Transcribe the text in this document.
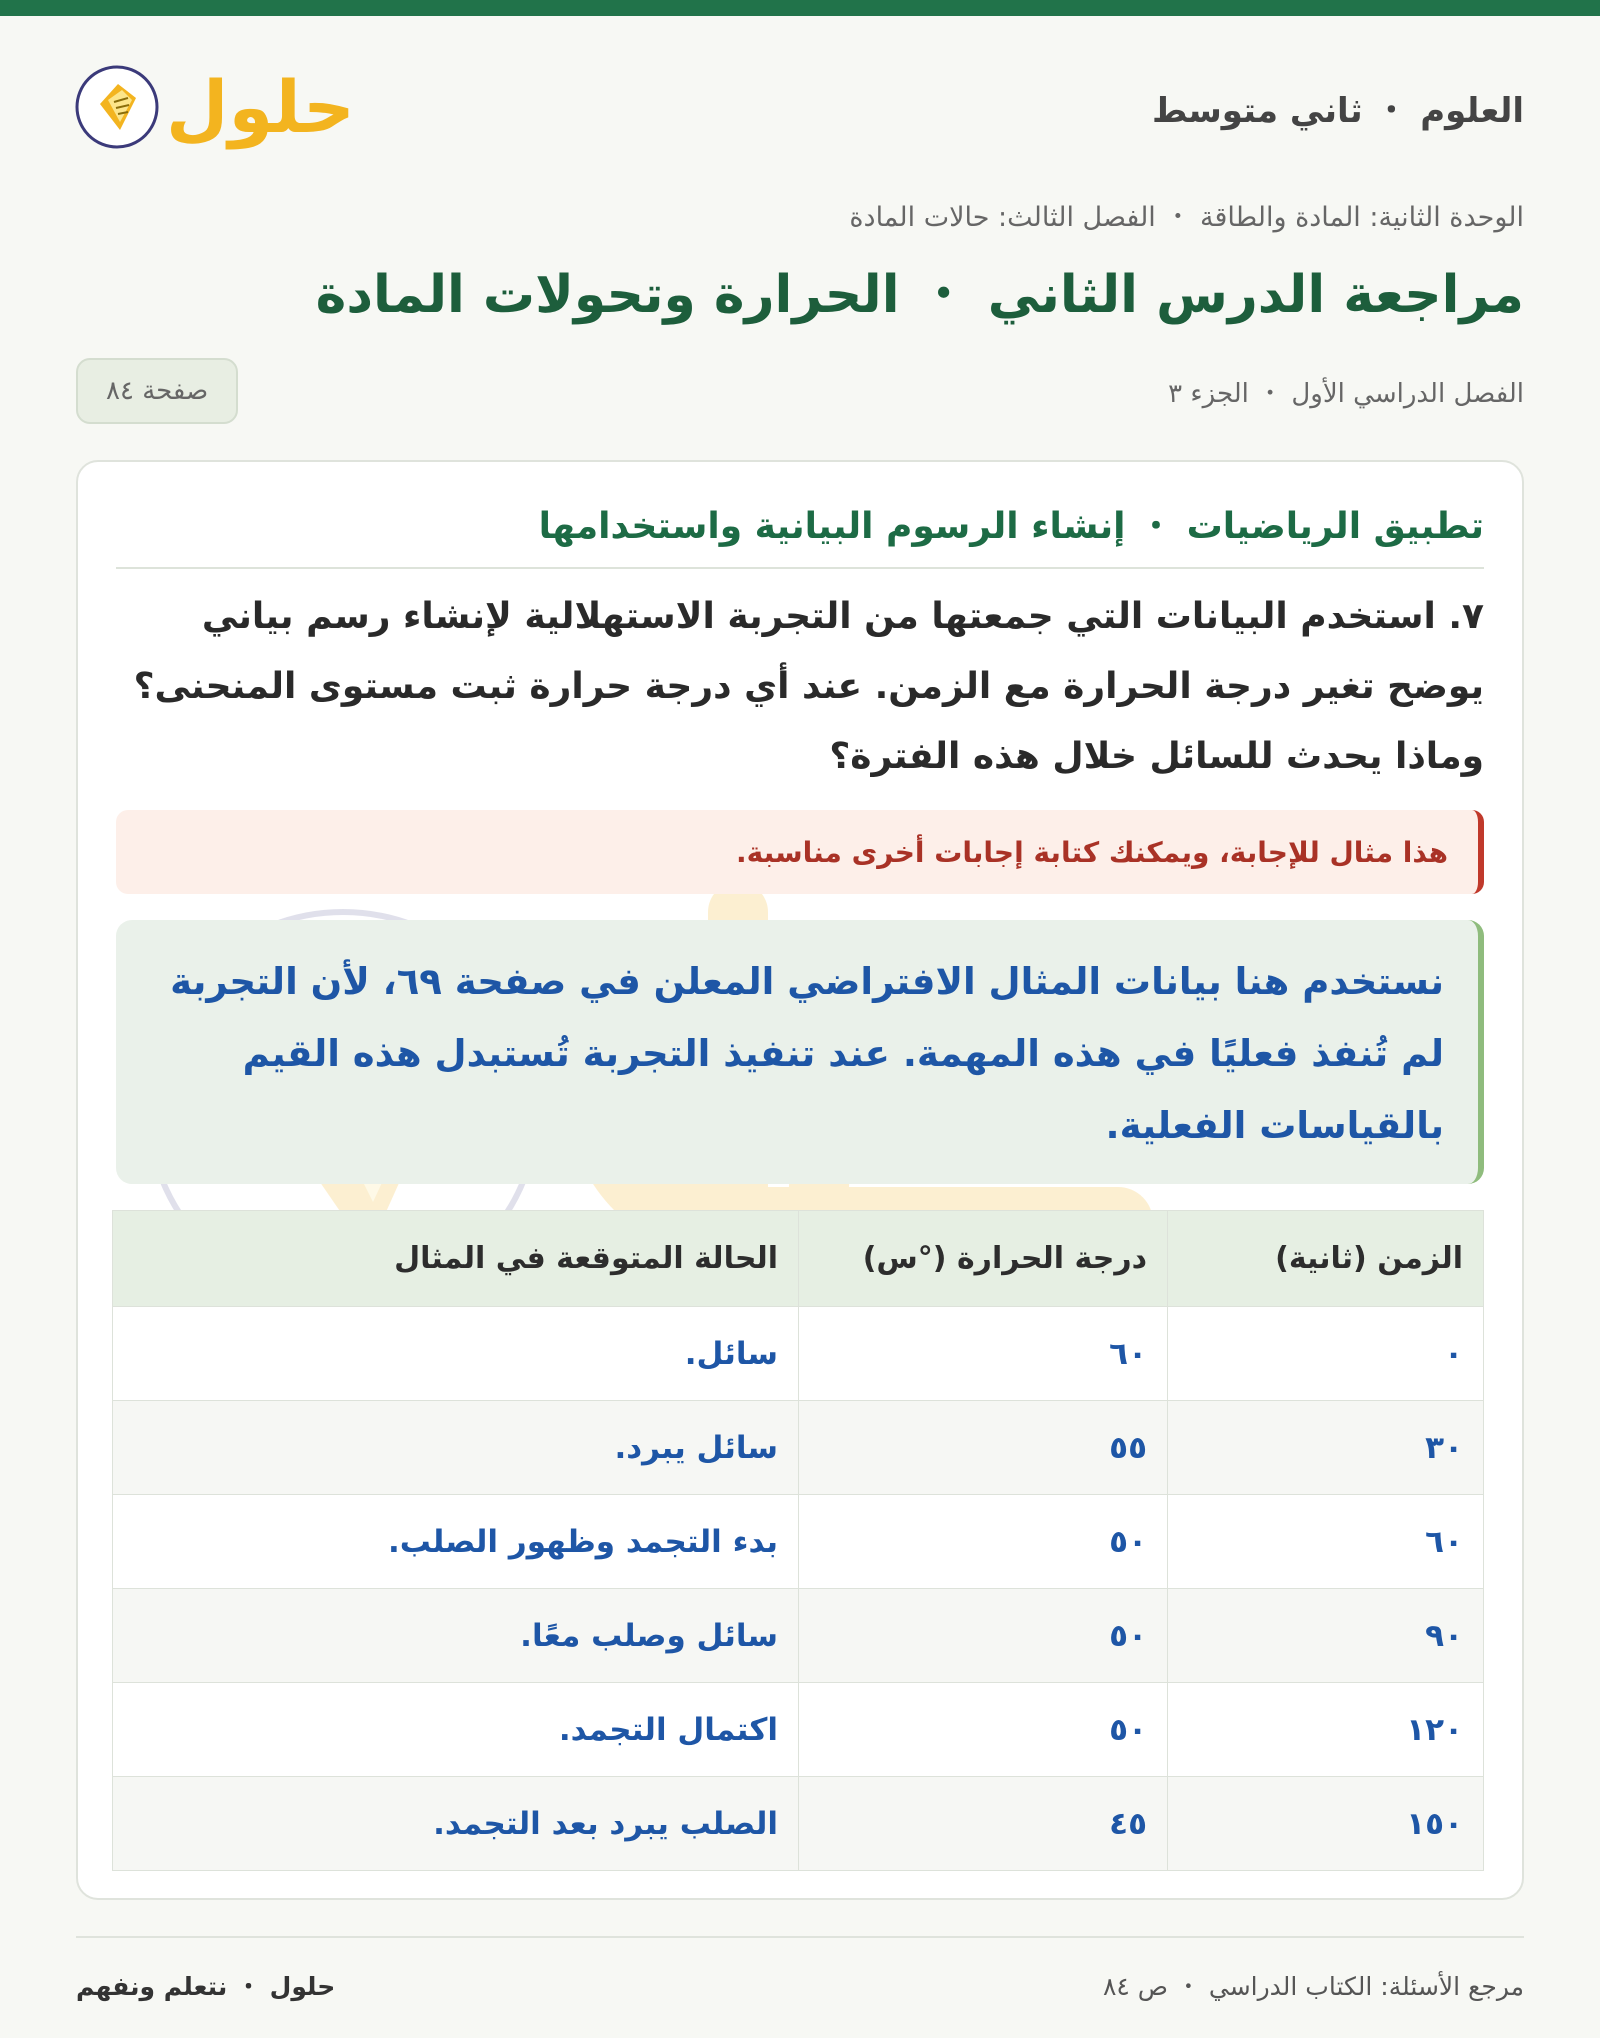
العلوم ・ ثاني متوسط
حلول
الوحدة الثانية: المادة والطاقة ・ الفصل الثالث: حالات المادة
مراجعة الدرس الثاني ・ الحرارة وتحولات المادة
الفصل الدراسي الأول ・ الجزء ٣
صفحة ٨٤
تطبيق الرياضيات ・ إنشاء الرسوم البيانية واستخدامها

٧. استخدم البيانات التي جمعتها من التجربة الاستهلالية لإنشاء رسم بياني يوضح تغير درجة الحرارة مع الزمن. عند أي درجة حرارة ثبت مستوى المنحنى؟ وماذا يحدث للسائل خلال هذه الفترة؟

هذا مثال للإجابة، ويمكنك كتابة إجابات أخرى مناسبة.
نستخدم هنا بيانات المثال الافتراضي المعلن في صفحة ٦٩، لأن التجربة لم تُنفذ فعليًا في هذه المهمة. عند تنفيذ التجربة تُستبدل هذه القيم بالقياسات الفعلية.
الزمن (ثانية)	درجة الحرارة (°س)	الحالة المتوقعة في المثال
٠	٦٠	سائل.
٣٠	٥٥	سائل يبرد.
٦٠	٥٠	بدء التجمد وظهور الصلب.
٩٠	٥٠	سائل وصلب معًا.
١٢٠	٥٠	اكتمال التجمد.
١٥٠	٤٥	الصلب يبرد بعد التجمد.
مرجع الأسئلة: الكتاب الدراسي ・ ص ٨٤
حلول ・ نتعلم ونفهم
